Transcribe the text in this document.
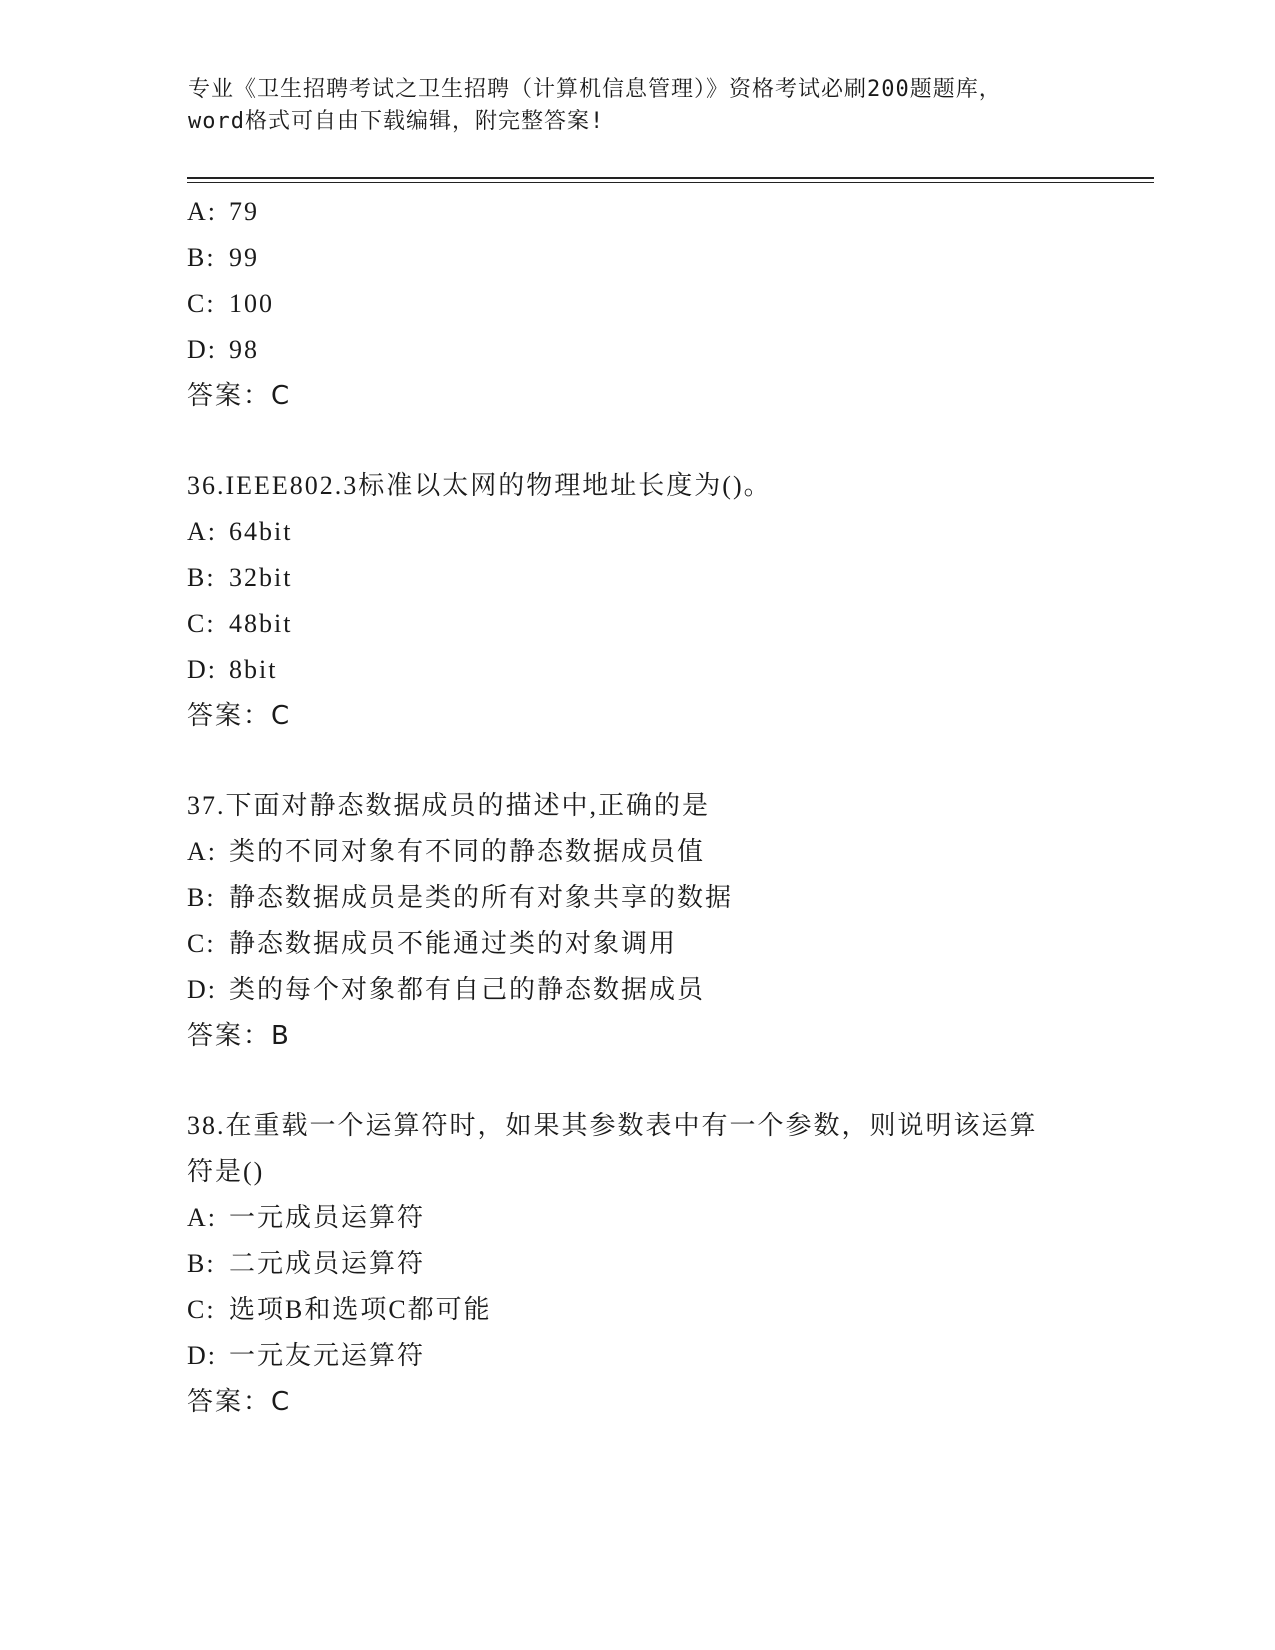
专业《卫生招聘考试之卫生招聘（计算机信息管理）》资格考试必刷200题题库，
word格式可自由下载编辑，附完整答案!
A: 79
B: 99
C: 100
D: 98
答案：C
36.IEEE802.3标准以太网的物理地址长度为()。
A: 64bit
B: 32bit
C: 48bit
D: 8bit
答案：C
37.下面对静态数据成员的描述中,正确的是
A: 类的不同对象有不同的静态数据成员值
B: 静态数据成员是类的所有对象共享的数据
C: 静态数据成员不能通过类的对象调用
D: 类的每个对象都有自己的静态数据成员
答案：B
38.在重载一个运算符时，如果其参数表中有一个参数，则说明该运算
符是()
A: 一元成员运算符
B: 二元成员运算符
C: 选项B和选项C都可能
D: 一元友元运算符
答案：C
